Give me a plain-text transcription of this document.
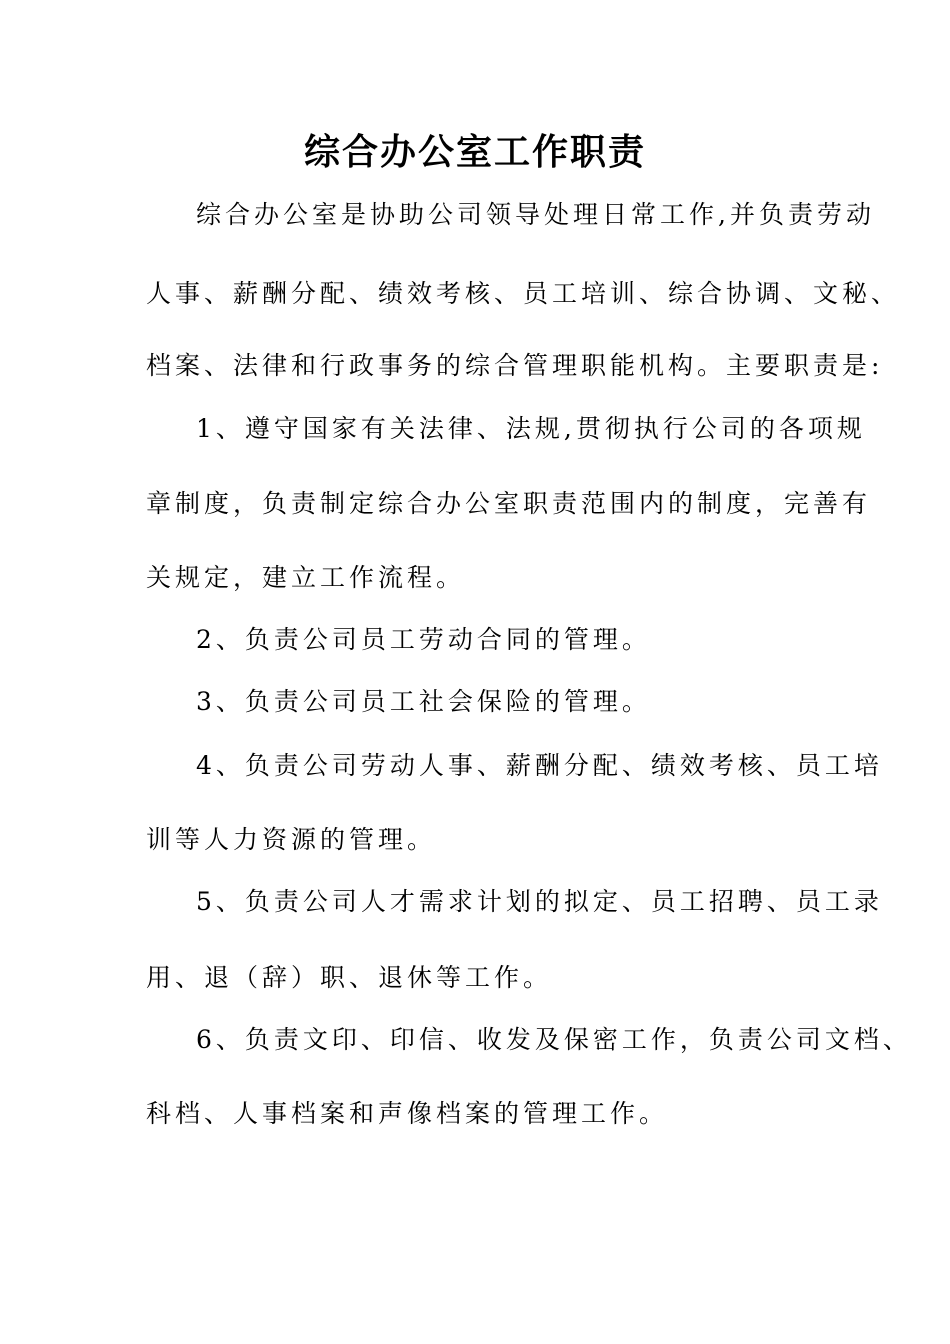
综合办公室工作职责
综合办公室是协助公司领导处理日常工作,并负责劳动
人事、薪酬分配、绩效考核、员工培训、综合协调、文秘、
档案、法律和行政事务的综合管理职能机构。主要职责是:
1、遵守国家有关法律、法规,贯彻执行公司的各项规
章制度，负责制定综合办公室职责范围内的制度，完善有
关规定，建立工作流程。
2、负责公司员工劳动合同的管理。
3、负责公司员工社会保险的管理。
4、负责公司劳动人事、薪酬分配、绩效考核、员工培
训等人力资源的管理。
5、负责公司人才需求计划的拟定、员工招聘、员工录
用、退（辞）职、退休等工作。
6、负责文印、印信、收发及保密工作，负责公司文档、
科档、人事档案和声像档案的管理工作。
